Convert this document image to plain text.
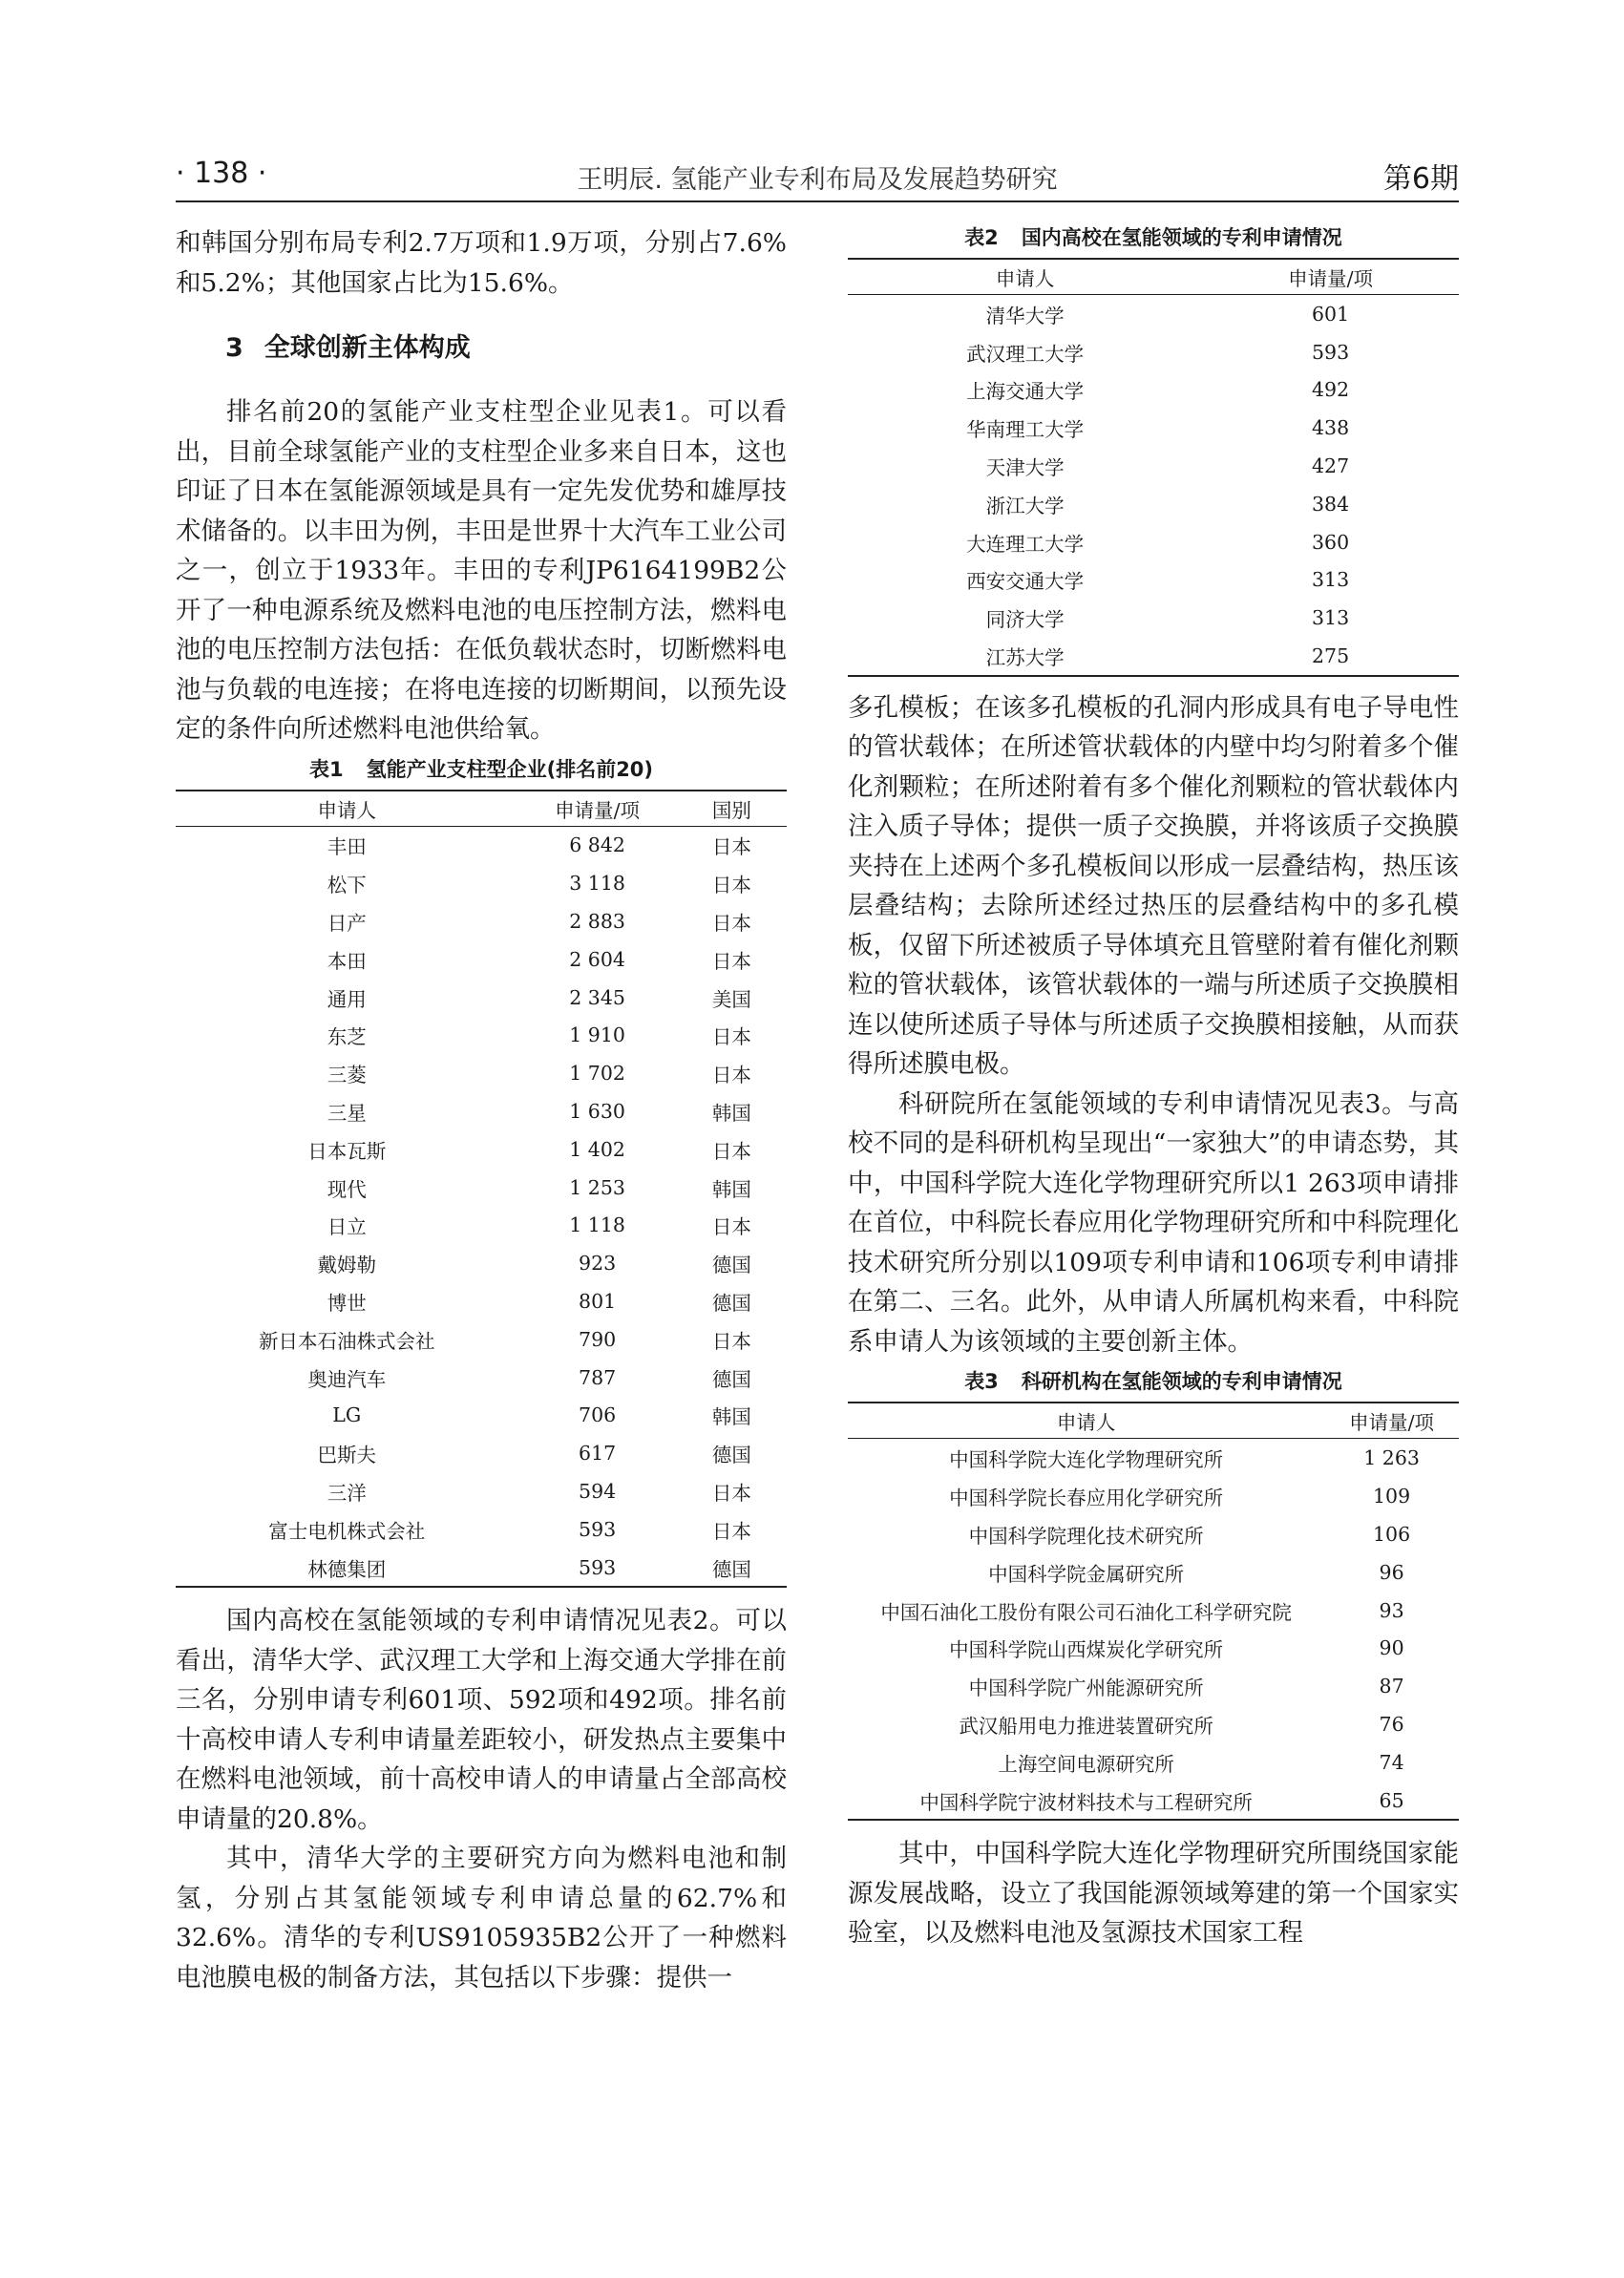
· 138 ·	王明辰. 氢能产业专利布局及发展趋势研究	第6期

和韩国分别布局专利2.7万项和1.9万项，分别占7.6%和5.2%；其他国家占比为15.6%。

3 全球创新主体构成

排名前20的氢能产业支柱型企业见表1。可以看出，目前全球氢能产业的支柱型企业多来自日本，这也印证了日本在氢能源领域是具有一定先发优势和雄厚技术储备的。以丰田为例，丰田是世界十大汽车工业公司之一，创立于1933年。丰田的专利JP6164199B2公开了一种电源系统及燃料电池的电压控制方法，燃料电池的电压控制方法包括：在低负载状态时，切断燃料电池与负载的电连接；在将电连接的切断期间，以预先设定的条件向所述燃料电池供给氧。

表1 氢能产业支柱型企业(排名前20)
申请人	申请量/项	国别
丰田	6 842	日本
松下	3 118	日本
日产	2 883	日本
本田	2 604	日本
通用	2 345	美国
东芝	1 910	日本
三菱	1 702	日本
三星	1 630	韩国
日本瓦斯	1 402	日本
现代	1 253	韩国
日立	1 118	日本
戴姆勒	923	德国
博世	801	德国
新日本石油株式会社	790	日本
奥迪汽车	787	德国
LG	706	韩国
巴斯夫	617	德国
三洋	594	日本
富士电机株式会社	593	日本
林德集团	593	德国

国内高校在氢能领域的专利申请情况见表2。可以看出，清华大学、武汉理工大学和上海交通大学排在前三名，分别申请专利601项、592项和492项。排名前十高校申请人专利申请量差距较小，研发热点主要集中在燃料电池领域，前十高校申请人的申请量占全部高校申请量的20.8%。

其中，清华大学的主要研究方向为燃料电池和制氢，分别占其氢能领域专利申请总量的62.7%和32.6%。清华的专利US9105935B2公开了一种燃料电池膜电极的制备方法，其包括以下步骤：提供一

表2 国内高校在氢能领域的专利申请情况
申请人	申请量/项
清华大学	601
武汉理工大学	593
上海交通大学	492
华南理工大学	438
天津大学	427
浙江大学	384
大连理工大学	360
西安交通大学	313
同济大学	313
江苏大学	275

多孔模板；在该多孔模板的孔洞内形成具有电子导电性的管状载体；在所述管状载体的内壁中均匀附着多个催化剂颗粒；在所述附着有多个催化剂颗粒的管状载体内注入质子导体；提供一质子交换膜，并将该质子交换膜夹持在上述两个多孔模板间以形成一层叠结构，热压该层叠结构；去除所述经过热压的层叠结构中的多孔模板，仅留下所述被质子导体填充且管壁附着有催化剂颗粒的管状载体，该管状载体的一端与所述质子交换膜相连以使所述质子导体与所述质子交换膜相接触，从而获得所述膜电极。

科研院所在氢能领域的专利申请情况见表3。与高校不同的是科研机构呈现出“一家独大”的申请态势，其中，中国科学院大连化学物理研究所以1 263项申请排在首位，中科院长春应用化学物理研究所和中科院理化技术研究所分别以109项专利申请和106项专利申请排在第二、三名。此外，从申请人所属机构来看，中科院系申请人为该领域的主要创新主体。

表3 科研机构在氢能领域的专利申请情况
申请人	申请量/项
中国科学院大连化学物理研究所	1 263
中国科学院长春应用化学研究所	109
中国科学院理化技术研究所	106
中国科学院金属研究所	96
中国石油化工股份有限公司石油化工科学研究院	93
中国科学院山西煤炭化学研究所	90
中国科学院广州能源研究所	87
武汉船用电力推进装置研究所	76
上海空间电源研究所	74
中国科学院宁波材料技术与工程研究所	65

其中，中国科学院大连化学物理研究所围绕国家能源发展战略，设立了我国能源领域筹建的第一个国家实验室，以及燃料电池及氢源技术国家工程
